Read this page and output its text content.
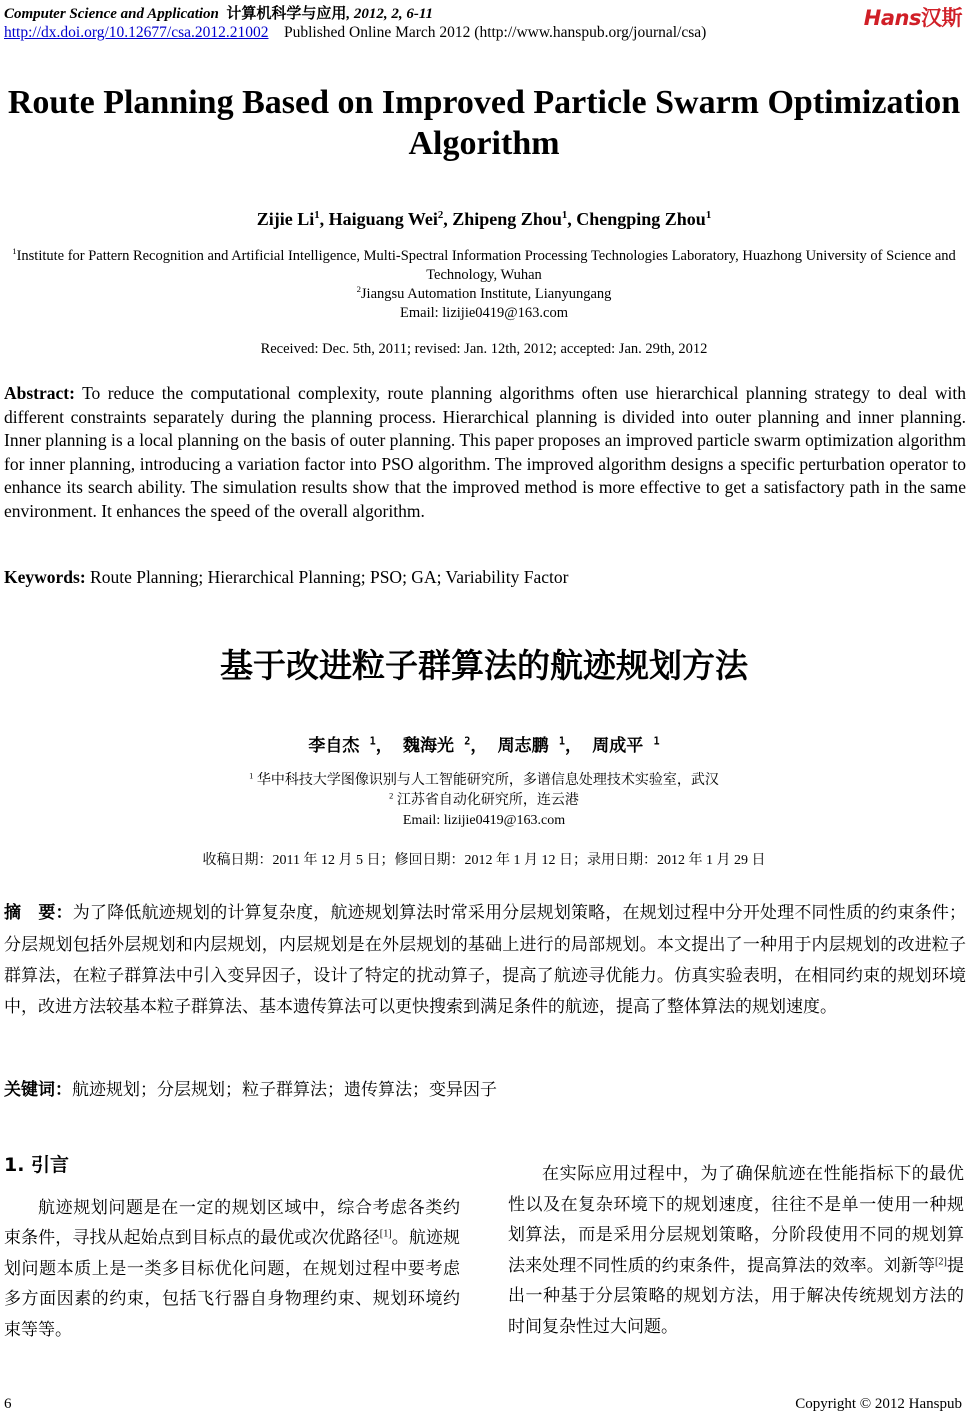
Computer Science and Application 计算机科学与应用, 2012, 2, 6-11
http://dx.doi.org/10.12677/csa.2012.21002 Published Online March 2012 (http://www.hanspub.org/journal/csa)
Hans汉斯
Route Planning Based on Improved Particle Swarm Optimization Algorithm
Zijie Li$^1$, Haiguang Wei$^2$, Zhipeng Zhou$^1$, Chengping Zhou$^1$
$^1$Institute for Pattern Recognition and Artificial Intelligence, Multi-Spectral Information Processing Technologies Laboratory, Huazhong University of Science and Technology, Wuhan
$^2$Jiangsu Automation Institute, Lianyungang
Email: lizijie0419@163.com
Received: Dec. 5th, 2011; revised: Jan. 12th, 2012; accepted: Jan. 29th, 2012
Abstract: To reduce the computational complexity, route planning algorithms often use hierarchical planning strategy to deal with different constraints separately during the planning process. Hierarchical planning is divided into outer planning and inner planning. Inner planning is a local planning on the basis of outer planning. This paper proposes an improved particle swarm optimization algorithm for inner planning, introducing a variation factor into PSO algorithm. The improved algorithm designs a specific perturbation operator to enhance its search ability. The simulation results show that the improved method is more effective to get a satisfactory path in the same environment. It enhances the speed of the overall algorithm.
Keywords: Route Planning; Hierarchical Planning; PSO; GA; Variability Factor
基于改进粒子群算法的航迹规划方法
李自杰 $^1$， 魏海光 $^2$， 周志鹏 $^1$， 周成平 $^1$
$^1$ 华中科技大学图像识别与人工智能研究所，多谱信息处理技术实验室，武汉
$^2$ 江苏省自动化研究所，连云港
Email: lizijie0419@163.com
收稿日期：2011 年 12 月 5 日；修回日期：2012 年 1 月 12 日；录用日期：2012 年 1 月 29 日
摘　要：为了降低航迹规划的计算复杂度，航迹规划算法时常采用分层规划策略，在规划过程中分开处理不同性质的约束条件；分层规划包括外层规划和内层规划，内层规划是在外层规划的基础上进行的局部规划。本文提出了一种用于内层规划的改进粒子群算法，在粒子群算法中引入变异因子，设计了特定的扰动算子，提高了航迹寻优能力。仿真实验表明，在相同约束的规划环境中，改进方法较基本粒子群算法、基本遗传算法可以更快搜索到满足条件的航迹，提高了整体算法的规划速度。
关键词：航迹规划；分层规划；粒子群算法；遗传算法；变异因子
1. 引言

航迹规划问题是在一定的规划区域中，综合考虑各类约束条件，寻找从起始点到目标点的最优或次优路径[1]。航迹规划问题本质上是一类多目标优化问题，在规划过程中要考虑多方面因素的约束，包括飞行器自身物理约束、规划环境约束等等。

在实际应用过程中，为了确保航迹在性能指标下的最优性以及在复杂环境下的规划速度，往往不是单一使用一种规划算法，而是采用分层规划策略，分阶段使用不同的规划算法来处理不同性质的约束条件，提高算法的效率。刘新等[2]提出一种基于分层策略的规划方法，用于解决传统规划方法的时间复杂性过大问题。

6	Copyright © 2012 Hanspub
